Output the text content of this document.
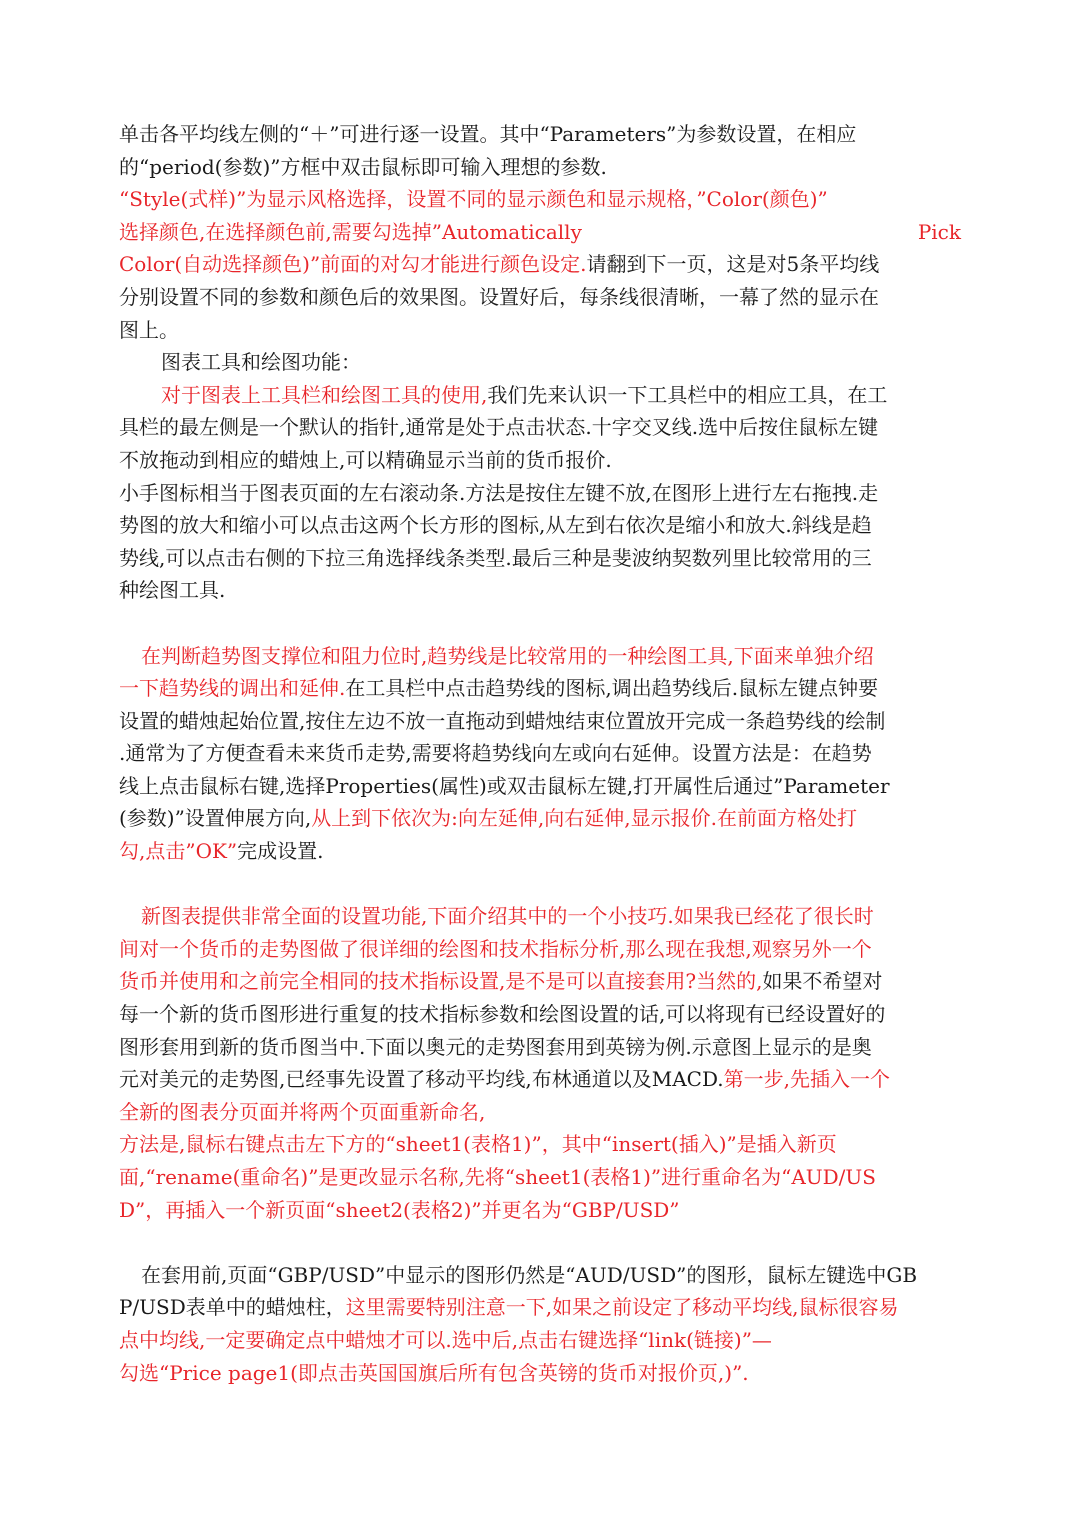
单击各平均线左侧的“＋”可进行逐一设置。其中“Parameters”为参数设置，在相应
的“period(参数)”方框中双击鼠标即可输入理想的参数.
“Style(式样)”为显示风格选择，设置不同的显示颜色和显示规格，”Color(颜色)”
选择颜色,在选择颜色前,需要勾选掉”Automatically	Pick
Color(自动选择颜色)”前面的对勾才能进行颜色设定.请翻到下一页，这是对5条平均线
分别设置不同的参数和颜色后的效果图。设置好后，每条线很清晰，一幕了然的显示在
图上。
图表工具和绘图功能：
对于图表上工具栏和绘图工具的使用,我们先来认识一下工具栏中的相应工具，在工
具栏的最左侧是一个默认的指针,通常是处于点击状态.十字交叉线.选中后按住鼠标左键
不放拖动到相应的蜡烛上,可以精确显示当前的货币报价.
小手图标相当于图表页面的左右滚动条.方法是按住左键不放,在图形上进行左右拖拽.走
势图的放大和缩小可以点击这两个长方形的图标,从左到右依次是缩小和放大.斜线是趋
势线,可以点击右侧的下拉三角选择线条类型.最后三种是斐波纳契数列里比较常用的三
种绘图工具.
在判断趋势图支撑位和阻力位时,趋势线是比较常用的一种绘图工具,下面来单独介绍
一下趋势线的调出和延伸.在工具栏中点击趋势线的图标,调出趋势线后.鼠标左键点钟要
设置的蜡烛起始位置,按住左边不放一直拖动到蜡烛结束位置放开完成一条趋势线的绘制
.通常为了方便查看未来货币走势,需要将趋势线向左或向右延伸。设置方法是：在趋势
线上点击鼠标右键,选择Properties(属性)或双击鼠标左键,打开属性后通过”Parameter
(参数)”设置伸展方向,从上到下依次为:向左延伸,向右延伸,显示报价.在前面方格处打
勾,点击”OK”完成设置.
新图表提供非常全面的设置功能,下面介绍其中的一个小技巧.如果我已经花了很长时
间对一个货币的走势图做了很详细的绘图和技术指标分析,那么现在我想,观察另外一个
货币并使用和之前完全相同的技术指标设置,是不是可以直接套用?当然的,如果不希望对
每一个新的货币图形进行重复的技术指标参数和绘图设置的话,可以将现有已经设置好的
图形套用到新的货币图当中.下面以奥元的走势图套用到英镑为例.示意图上显示的是奥
元对美元的走势图,已经事先设置了移动平均线,布林通道以及MACD.第一步,先插入一个
全新的图表分页面并将两个页面重新命名,
方法是,鼠标右键点击左下方的“sheet1(表格1)”，其中“insert(插入)”是插入新页
面,“rename(重命名)”是更改显示名称,先将“sheet1(表格1)”进行重命名为“AUD/US
D”，再插入一个新页面“sheet2(表格2)”并更名为“GBP/USD”
在套用前,页面“GBP/USD”中显示的图形仍然是“AUD/USD”的图形，鼠标左键选中GB
P/USD表单中的蜡烛柱，这里需要特别注意一下,如果之前设定了移动平均线,鼠标很容易
点中均线,一定要确定点中蜡烛才可以.选中后,点击右键选择“link(链接)”—
勾选“Price page1(即点击英国国旗后所有包含英镑的货币对报价页,)”.
